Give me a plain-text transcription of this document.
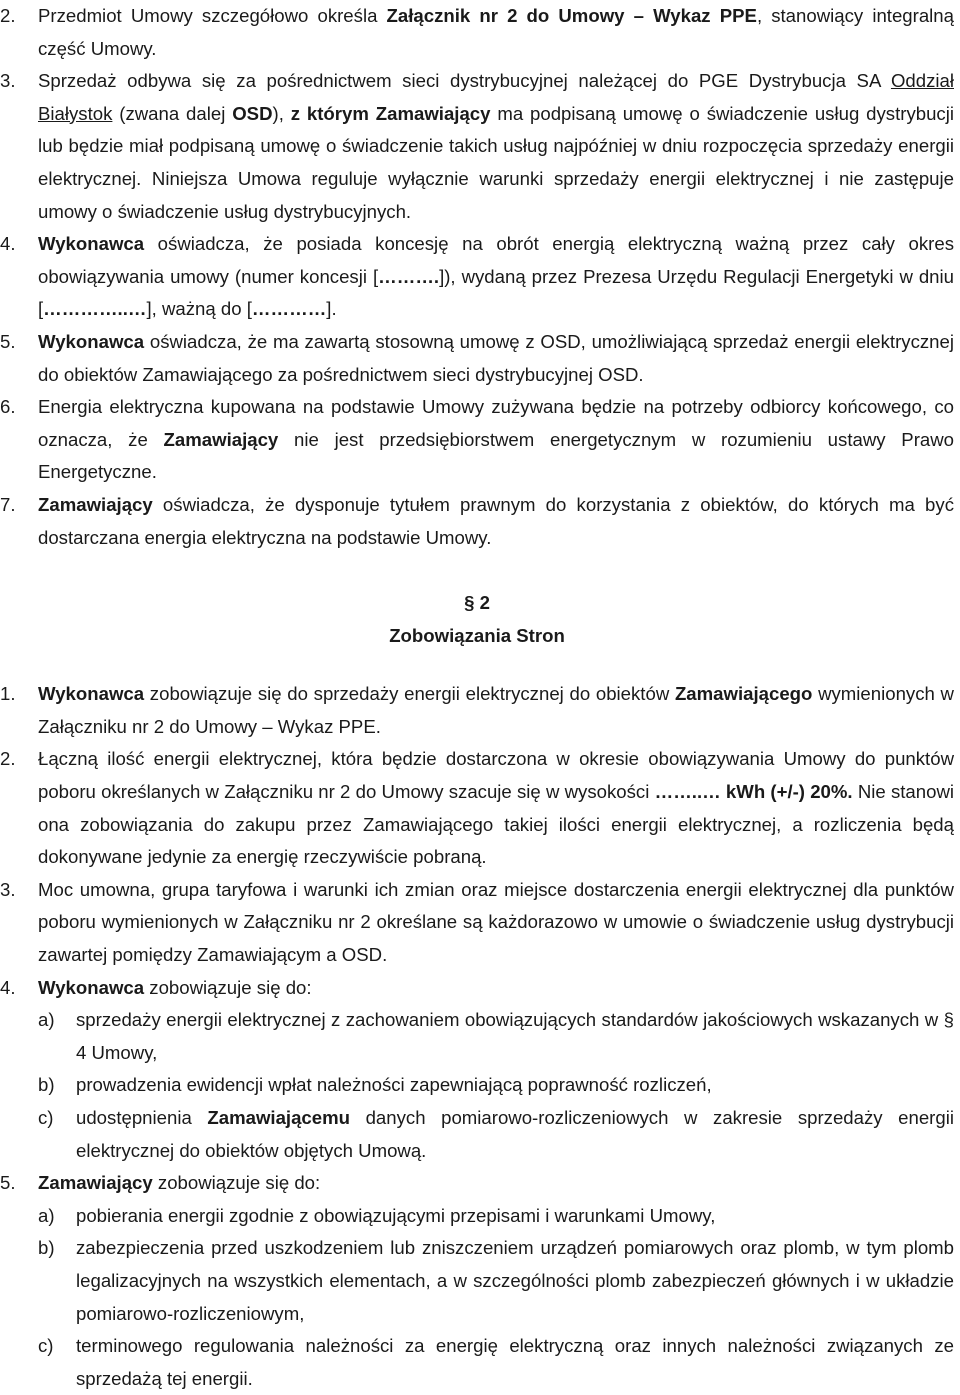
2.	Przedmiot Umowy szczegółowo określa Załącznik nr 2 do Umowy – Wykaz PPE, stanowiący integralną część Umowy.
3.	Sprzedaż odbywa się za pośrednictwem sieci dystrybucyjnej należącej do PGE Dystrybucja SA Oddział Białystok (zwana dalej OSD), z którym Zamawiający ma podpisaną umowę o świadczenie usług dystrybucji lub będzie miał podpisaną umowę o świadczenie takich usług najpóźniej w dniu rozpoczęcia sprzedaży energii elektrycznej. Niniejsza Umowa reguluje wyłącznie warunki sprzedaży energii elektrycznej i nie zastępuje umowy o świadczenie usług dystrybucyjnych.
4.	Wykonawca oświadcza, że posiada koncesję na obrót energią elektryczną ważną przez cały okres obowiązywania umowy (numer koncesji [……….]), wydaną przez Prezesa Urzędu Regulacji Energetyki w dniu […………..…], ważną do […………].
5.	Wykonawca oświadcza, że ma zawartą stosowną umowę z OSD, umożliwiającą sprzedaż energii elektrycznej do obiektów Zamawiającego za pośrednictwem sieci dystrybucyjnej OSD.
6.	Energia elektryczna kupowana na podstawie Umowy zużywana będzie na potrzeby odbiorcy końcowego, co oznacza, że Zamawiający nie jest przedsiębiorstwem energetycznym w rozumieniu ustawy Prawo Energetyczne.
7.	Zamawiający oświadcza, że dysponuje tytułem prawnym do korzystania z obiektów, do których ma być dostarczana energia elektryczna na podstawie Umowy.
§ 2
Zobowiązania Stron
1.	Wykonawca zobowiązuje się do sprzedaży energii elektrycznej do obiektów Zamawiającego wymienionych w Załączniku nr 2 do Umowy – Wykaz PPE.
2.	Łączną ilość energii elektrycznej, która będzie dostarczona w okresie obowiązywania Umowy do punktów poboru określanych w Załączniku nr 2 do Umowy szacuje się w wysokości ……..… kWh (+/-) 20%. Nie stanowi ona zobowiązania do zakupu przez Zamawiającego takiej ilości energii elektrycznej, a rozliczenia będą dokonywane jedynie za energię rzeczywiście pobraną.
3.	Moc umowna, grupa taryfowa i warunki ich zmian oraz miejsce dostarczenia energii elektrycznej dla punktów poboru wymienionych w Załączniku nr 2 określane są każdorazowo w umowie o świadczenie usług dystrybucji zawartej pomiędzy Zamawiającym a OSD.
4.	Wykonawca zobowiązuje się do:
a)	sprzedaży energii elektrycznej z zachowaniem obowiązujących standardów jakościowych wskazanych w § 4 Umowy,
b)	prowadzenia ewidencji wpłat należności zapewniającą poprawność rozliczeń,
c)	udostępnienia Zamawiającemu danych pomiarowo-rozliczeniowych w zakresie sprzedaży energii elektrycznej do obiektów objętych Umową.
5.	Zamawiający zobowiązuje się do:
a)	pobierania energii zgodnie z obowiązującymi przepisami i warunkami Umowy,
b)	zabezpieczenia przed uszkodzeniem lub zniszczeniem urządzeń pomiarowych oraz plomb, w tym plomb legalizacyjnych na wszystkich elementach, a w szczególności plomb zabezpieczeń głównych i w układzie pomiarowo-rozliczeniowym,
c)	terminowego regulowania należności za energię elektryczną oraz innych należności związanych ze sprzedażą tej energii.
